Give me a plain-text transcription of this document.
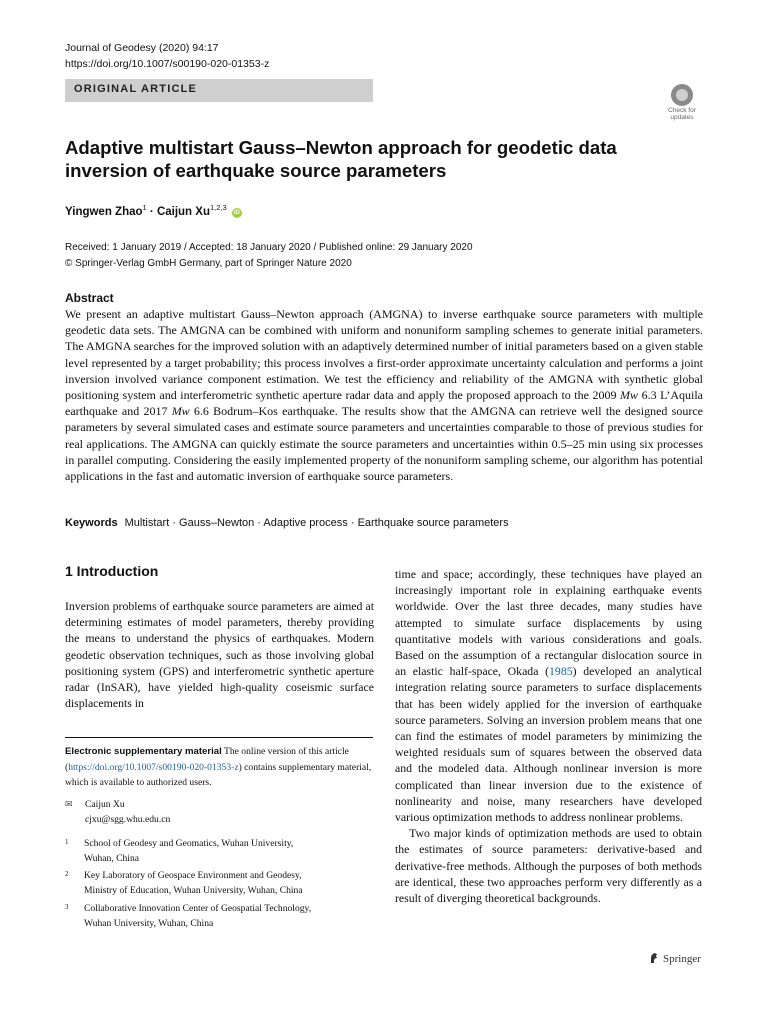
Journal of Geodesy (2020) 94:17
https://doi.org/10.1007/s00190-020-01353-z
ORIGINAL ARTICLE
Check for
updates
Adaptive multistart Gauss–Newton approach for geodetic data inversion of earthquake source parameters
Yingwen Zhao$^1$ · Caijun Xu$^{1,2,3}$ iD
Received: 1 January 2019 / Accepted: 18 January 2020 / Published online: 29 January 2020
© Springer-Verlag GmbH Germany, part of Springer Nature 2020
Abstract
We present an adaptive multistart Gauss–Newton approach (AMGNA) to inverse earthquake source parameters with multiple geodetic data sets. The AMGNA can be combined with uniform and nonuniform sampling schemes to generate initial parameters. The AMGNA searches for the improved solution with an adaptively determined number of initial parameters based on a given stable level represented by a target probability; this process involves a first-order approximate uncertainty calculation and performs a joint inversion involved variance component estimation. We test the efficiency and reliability of the AMGNA with synthetic global positioning system and interferometric synthetic aperture radar data and apply the proposed approach to the 2009 Mw 6.3 L’Aquila earthquake and 2017 Mw 6.6 Bodrum–Kos earthquake. The results show that the AMGNA can retrieve well the designed source parameters by several simulated cases and estimate source parameters and uncertainties comparable to those of previous studies for real applications. The AMGNA can quickly estimate the source parameters and uncertainties within 0.5–25 min using six processes in parallel computing. Considering the easily implemented property of the nonuniform sampling scheme, our algorithm has potential applications in the fast and automatic inversion of earthquake source parameters.
Keywords Multistart · Gauss–Newton · Adaptive process · Earthquake source parameters
1 Introduction
Inversion problems of earthquake source parameters are aimed at determining estimates of model parameters, thereby providing the means to understand the physics of earthquakes. Modern geodetic observation techniques, such as those involving global positioning system (GPS) and interferometric synthetic aperture radar (InSAR), have yielded high-quality coseismic surface displacements in

time and space; accordingly, these techniques have played an increasingly important role in explaining earthquake events worldwide. Over the last three decades, many studies have attempted to simulate surface displacements by using quantitative models with various considerations and goals. Based on the assumption of a rectangular dislocation source in an elastic half-space, Okada (1985) developed an analytical integration relating source parameters to surface displacements that has been widely applied for the inversion of earthquake source parameters. Solving an inversion problem means that one can find the estimates of model parameters by minimizing the weighted residuals sum of squares between the observed data and the modeled data. Although nonlinear inversion is more complicated than linear inversion due to the existence of nonlinearity and noise, many researchers have developed various optimization methods to address nonlinear problems.

Two major kinds of optimization methods are used to obtain the estimates of source parameters: derivative-based and derivative-free methods. Although the purposes of both methods are identical, these two approaches perform very differently as a result of diverging theoretical backgrounds.

Electronic supplementary material The online version of this article (https://doi.org/10.1007/s00190-020-01353-z) contains supplementary material, which is available to authorized users.
✉ Caijun Xu
cjxu@sgg.whu.edu.cn
1 School of Geodesy and Geomatics, Wuhan University,
Wuhan, China
2 Key Laboratory of Geospace Environment and Geodesy,
Ministry of Education, Wuhan University, Wuhan, China
3 Collaborative Innovation Center of Geospatial Technology,
Wuhan University, Wuhan, China
Springer
